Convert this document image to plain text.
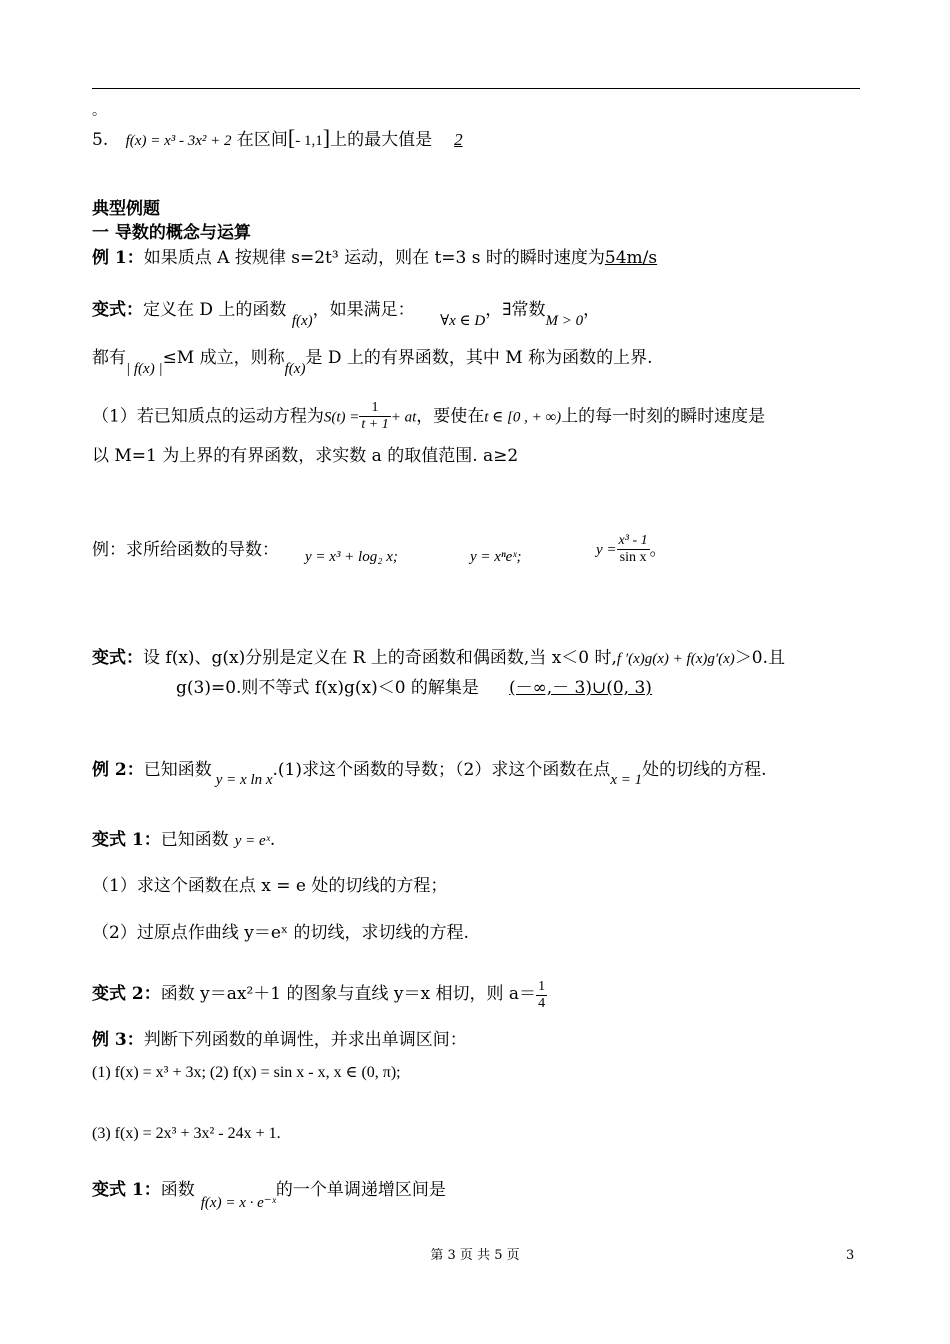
。
5. f(x) = x³ - 3x² + 2 在区间[- 1,1]上的最大值是 2
典型例题
一 导数的概念与运算
例 1：如果质点 A 按规律 s=2t³ 运动，则在 t=3 s 时的瞬时速度为54m/s
变式：定义在 D 上的函数 f(x)，如果满足： ∀x ∈ D，∃常数M > 0，
都有| f(x) |≤M 成立，则称f(x)是 D 上的有界函数，其中 M 称为函数的上界.
（1）若已知质点的运动方程为$S(t) = \frac{1}{t + 1}$ + at，要使在t ∈ [0 , + ∞)上的每一时刻的瞬时速度是
以 M=1 为上界的有界函数，求实数 a 的取值范围. a≥2
例：求所给函数的导数： y = x³ + log₂ x;	y = xⁿeˣ;	$y = \frac{\text{x³ - 1}}{\text{sin x}}$ 。
变式：设 f(x)、g(x)分别是定义在 R 上的奇函数和偶函数,当 x＜0 时,f ′(x)g(x) + f(x)g′(x)＞0.且
g(3)=0.则不等式 f(x)g(x)＜0 的解集是 (－∞,－ 3)∪(0, 3)
例 2：已知函数 y = x ln x.(1)求这个函数的导数；（2）求这个函数在点x = 1处的切线的方程.
变式 1：已知函数 y = eˣ.
（1）求这个函数在点 x = e 处的切线的方程；
（2）过原点作曲线 y＝eˣ 的切线，求切线的方程.
变式 2：函数 y＝ax²＋1 的图象与直线 y＝x 相切，则 $a= \frac{1}{4}$
例 3：判断下列函数的单调性，并求出单调区间：
(1) f(x) = x³ + 3x; (2) f(x) = sin x - x, x ∈ (0, π);
(3) f(x) = 2x³ + 3x² - 24x + 1.
变式 1：函数f(x) = x · e⁻ˣ的一个单调递增区间是
第 3 页 共 5 页	3
